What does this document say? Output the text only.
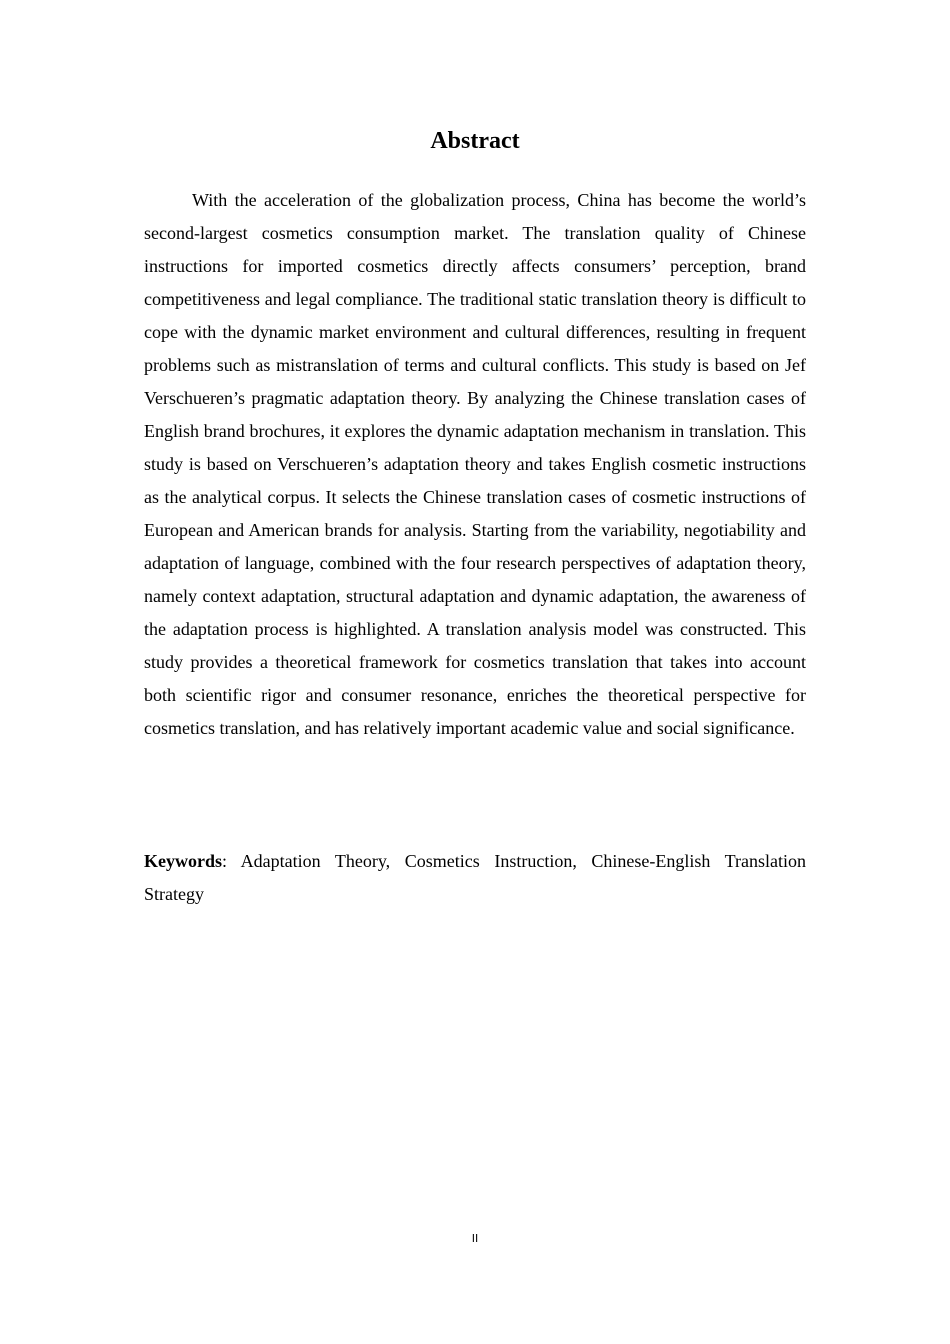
Abstract

With the acceleration of the globalization process, China has become the world’s second-largest cosmetics consumption market. The translation quality of Chinese instructions for imported cosmetics directly affects consumers’ perception, brand competitiveness and legal compliance. The traditional static translation theory is difficult to cope with the dynamic market environment and cultural differences, resulting in frequent problems such as mistranslation of terms and cultural conflicts. This study is based on Jef Verschueren’s pragmatic adaptation theory. By analyzing the Chinese translation cases of English brand brochures, it explores the dynamic adaptation mechanism in translation. This study is based on Verschueren’s adaptation theory and takes English cosmetic instructions as the analytical corpus. It selects the Chinese translation cases of cosmetic instructions of European and American brands for analysis. Starting from the variability, negotiability and adaptation of language, combined with the four research perspectives of adaptation theory, namely context adaptation, structural adaptation and dynamic adaptation, the awareness of the adaptation process is highlighted. A translation analysis model was constructed. This study provides a theoretical framework for cosmetics translation that takes into account both scientific rigor and consumer resonance, enriches the theoretical perspective for cosmetics translation, and has relatively important academic value and social significance.

Keywords: Adaptation Theory, Cosmetics Instruction, Chinese-English Translation Strategy

II
